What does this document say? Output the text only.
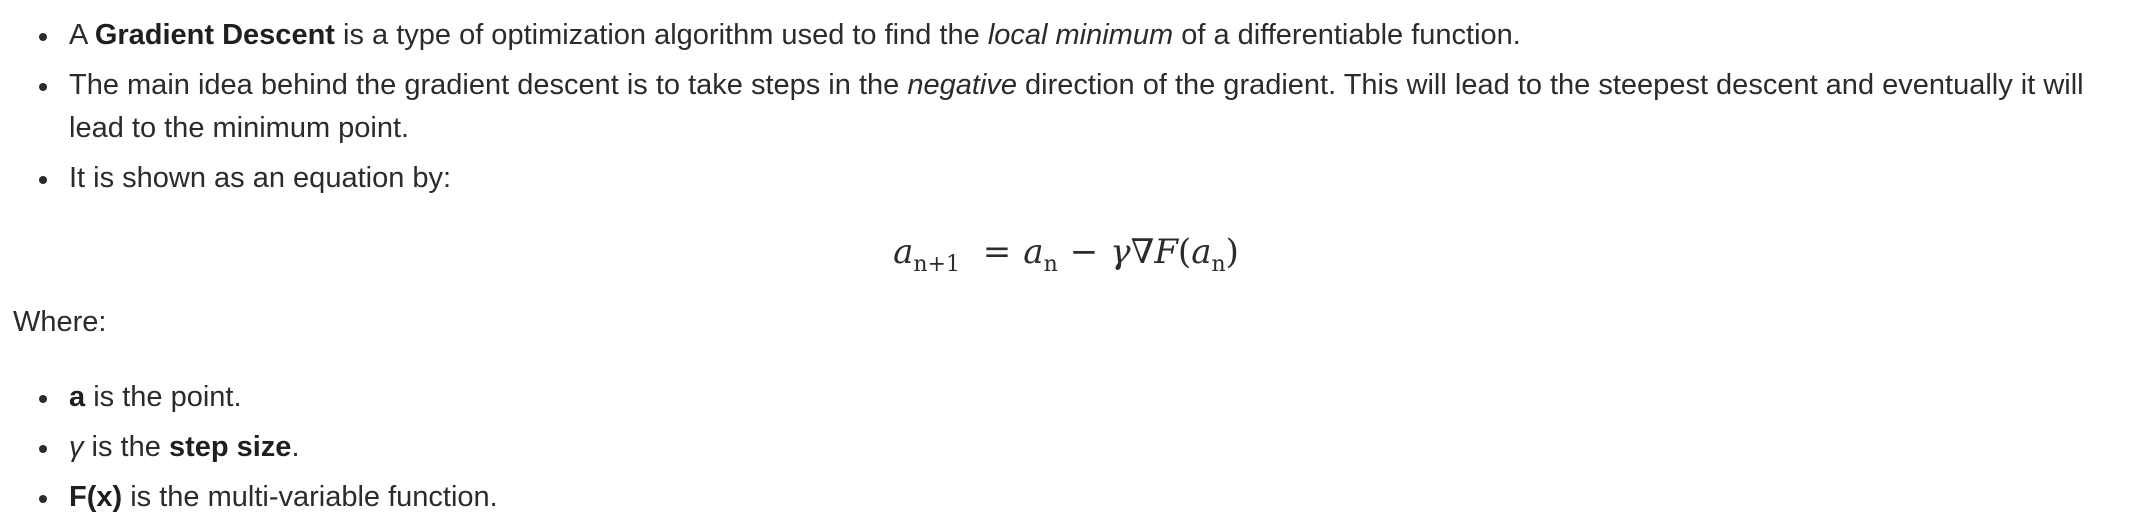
A Gradient Descent is a type of optimization algorithm used to find the local minimum of a differentiable function.
The main idea behind the gradient descent is to take steps in the negative direction of the gradient. This will lead to the steepest descent and eventually it will lead to the minimum point.
It is shown as an equation by:
$a_{n+1} = a_n - \gamma\nabla F(a_n)$
Where:
a is the point.
γ is the step size.
F(x) is the multi-variable function.
